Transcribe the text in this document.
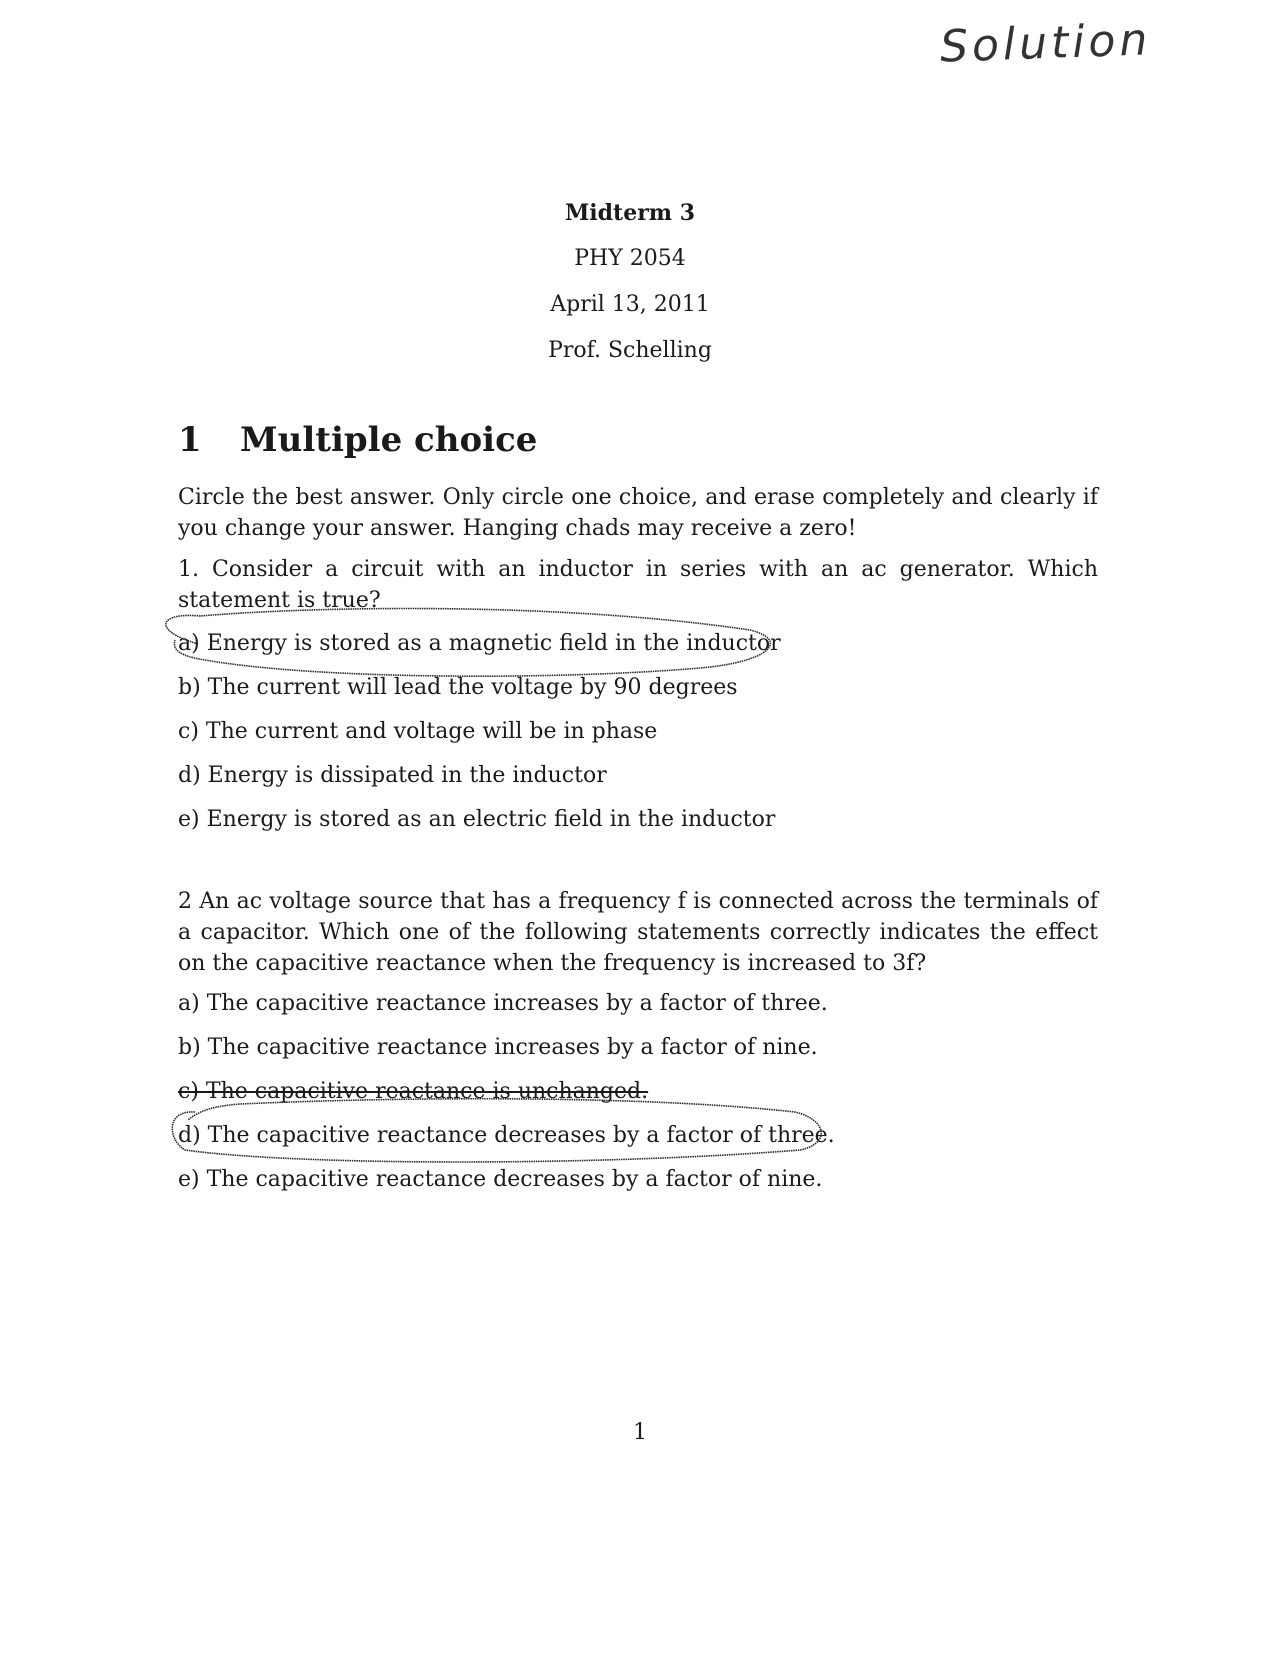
Solution
Midterm 3
PHY 2054
April 13, 2011
Prof. Schelling
1 Multiple choice
Circle the best answer. Only circle one choice, and erase completely and clearly if you change your answer. Hanging chads may receive a zero!
1. Consider a circuit with an inductor in series with an ac generator. Which statement is true?
a) Energy is stored as a magnetic field in the inductor
b) The current will lead the voltage by 90 degrees
c) The current and voltage will be in phase
d) Energy is dissipated in the inductor
e) Energy is stored as an electric field in the inductor
2 An ac voltage source that has a frequency f is connected across the terminals of a capacitor. Which one of the following statements correctly indicates the effect on the capacitive reactance when the frequency is increased to 3f?
a) The capacitive reactance increases by a factor of three.
b) The capacitive reactance increases by a factor of nine.
c) The capacitive reactance is unchanged.
d) The capacitive reactance decreases by a factor of three.
e) The capacitive reactance decreases by a factor of nine.
1
